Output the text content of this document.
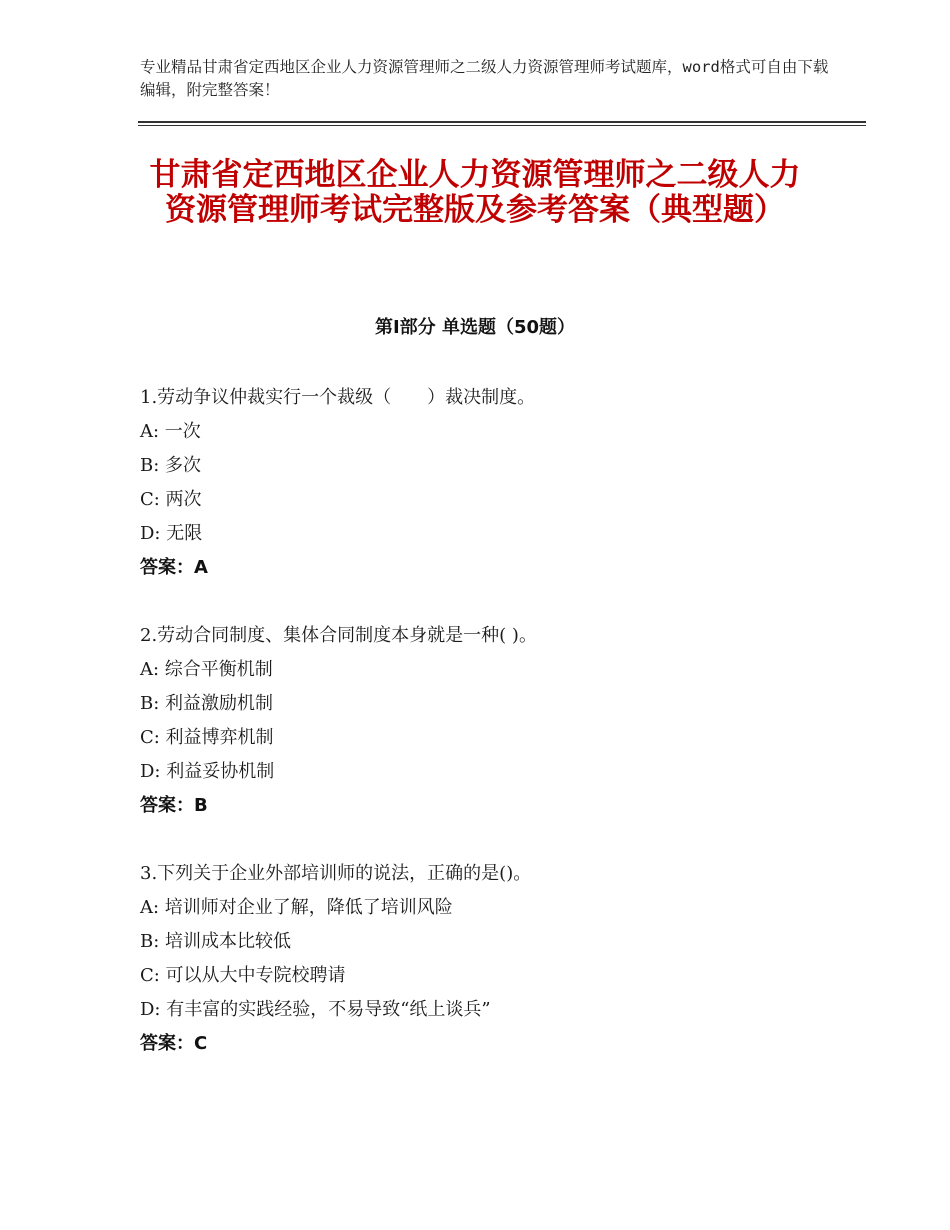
专业精品甘肃省定西地区企业人力资源管理师之二级人力资源管理师考试题库，word格式可自由下载编辑，附完整答案！
甘肃省定西地区企业人力资源管理师之二级人力资源管理师考试完整版及参考答案（典型题）
第Ⅰ部分 单选题（50题）
1.劳动争议仲裁实行一个裁级（　　）裁决制度。
A: 一次
B: 多次
C: 两次
D: 无限
答案：A
2.劳动合同制度、集体合同制度本身就是一种( )。
A: 综合平衡机制
B: 利益激励机制
C: 利益博弈机制
D: 利益妥协机制
答案：B
3.下列关于企业外部培训师的说法，正确的是()。
A: 培训师对企业了解，降低了培训风险
B: 培训成本比较低
C: 可以从大中专院校聘请
D: 有丰富的实践经验，不易导致“纸上谈兵”
答案：C
